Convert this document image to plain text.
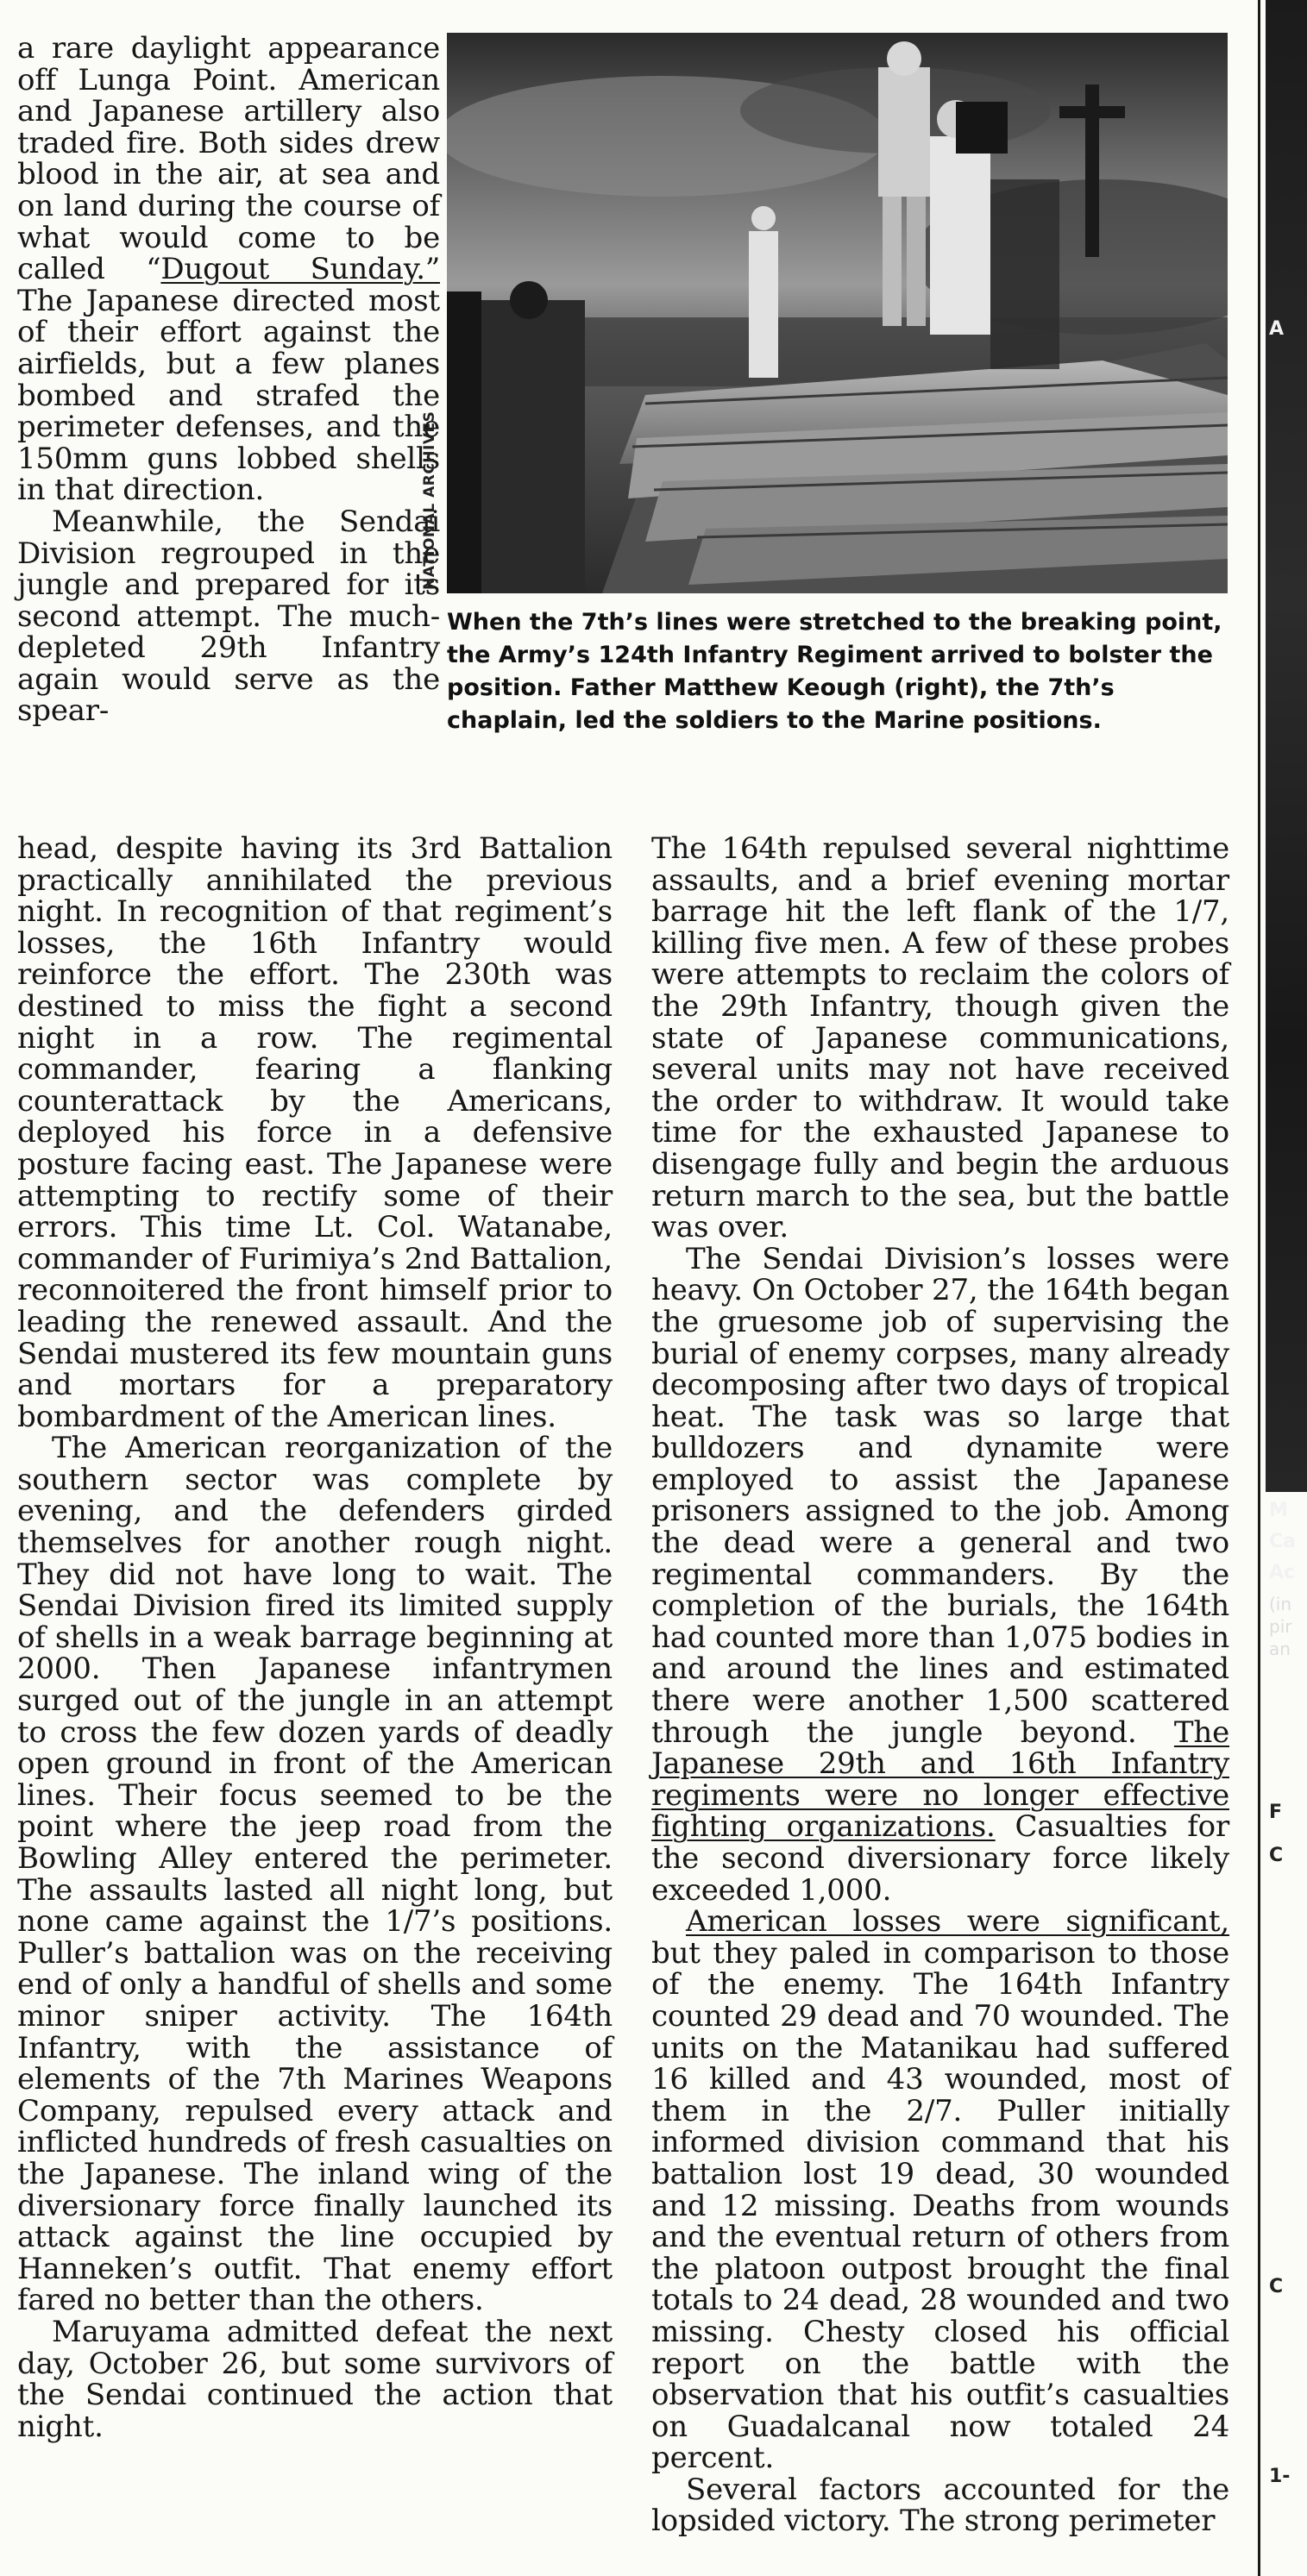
a rare daylight appearance off Lunga Point. American and Japanese artillery also traded fire. Both sides drew blood in the air, at sea and on land during the course of what would come to be called “Dugout Sunday.” The Japanese directed most of their effort against the airfields, but a few planes bombed and strafed the perimeter defenses, and the 150mm guns lobbed shells in that direction.

Meanwhile, the Sendai Division regrouped in the jungle and prepared for its second attempt. The much-depleted 29th Infantry again would serve as the spear-

NATIONAL ARCHIVES

When the 7th’s lines were stretched to the breaking point, the Army’s 124th Infantry Regiment arrived to bolster the position. Father Matthew Keough (right), the 7th’s chaplain, led the soldiers to the Marine positions.

head, despite having its 3rd Battalion practically annihilated the previous night. In recognition of that regiment’s losses, the 16th Infantry would reinforce the effort. The 230th was destined to miss the fight a second night in a row. The regimental commander, fearing a flanking counterattack by the Americans, deployed his force in a defensive posture facing east. The Japanese were attempting to rectify some of their errors. This time Lt. Col. Watanabe, commander of Furimiya’s 2nd Battalion, reconnoitered the front himself prior to leading the renewed assault. And the Sendai mustered its few mountain guns and mortars for a preparatory bombardment of the American lines.

The American reorganization of the southern sector was complete by evening, and the defenders girded themselves for another rough night. They did not have long to wait. The Sendai Division fired its limited supply of shells in a weak barrage beginning at 2000. Then Japanese infantrymen surged out of the jungle in an attempt to cross the few dozen yards of deadly open ground in front of the American lines. Their focus seemed to be the point where the jeep road from the Bowling Alley entered the perimeter. The assaults lasted all night long, but none came against the 1/7’s positions. Puller’s battalion was on the receiving end of only a handful of shells and some minor sniper activity. The 164th Infantry, with the assistance of elements of the 7th Marines Weapons Company, repulsed every attack and inflicted hundreds of fresh casualties on the Japanese. The inland wing of the diversionary force finally launched its attack against the line occupied by Hanneken’s outfit. That enemy effort fared no better than the others.

Maruyama admitted defeat the next day, October 26, but some survivors of the Sendai continued the action that night.

The 164th repulsed several nighttime assaults, and a brief evening mortar barrage hit the left flank of the 1/7, killing five men. A few of these probes were attempts to reclaim the colors of the 29th Infantry, though given the state of Japanese communications, several units may not have received the order to withdraw. It would take time for the exhausted Japanese to disengage fully and begin the arduous return march to the sea, but the battle was over.

The Sendai Division’s losses were heavy. On October 27, the 164th began the gruesome job of supervising the burial of enemy corpses, many already decomposing after two days of tropical heat. The task was so large that bulldozers and dynamite were employed to assist the Japanese prisoners assigned to the job. Among the dead were a general and two regimental commanders. By the completion of the burials, the 164th had counted more than 1,075 bodies in and around the lines and estimated there were another 1,500 scattered through the jungle beyond. The Japanese 29th and 16th Infantry regiments were no longer effective fighting organizations. Casualties for the second diversionary force likely exceeded 1,000.

American losses were significant, but they paled in comparison to those of the enemy. The 164th Infantry counted 29 dead and 70 wounded. The units on the Matanikau had suffered 16 killed and 43 wounded, most of them in the 2/7. Puller initially informed division command that his battalion lost 19 dead, 30 wounded and 12 missing. Deaths from wounds and the eventual return of others from the platoon outpost brought the final totals to 24 dead, 28 wounded and two missing. Chesty closed his official report on the battle with the observation that his outfit’s casualties on Guadalcanal now totaled 24 percent.

Several factors accounted for the lopsided victory. The strong perimeter

A
M
Ca
Ac
(in
pir
an
F
C
C
1-
